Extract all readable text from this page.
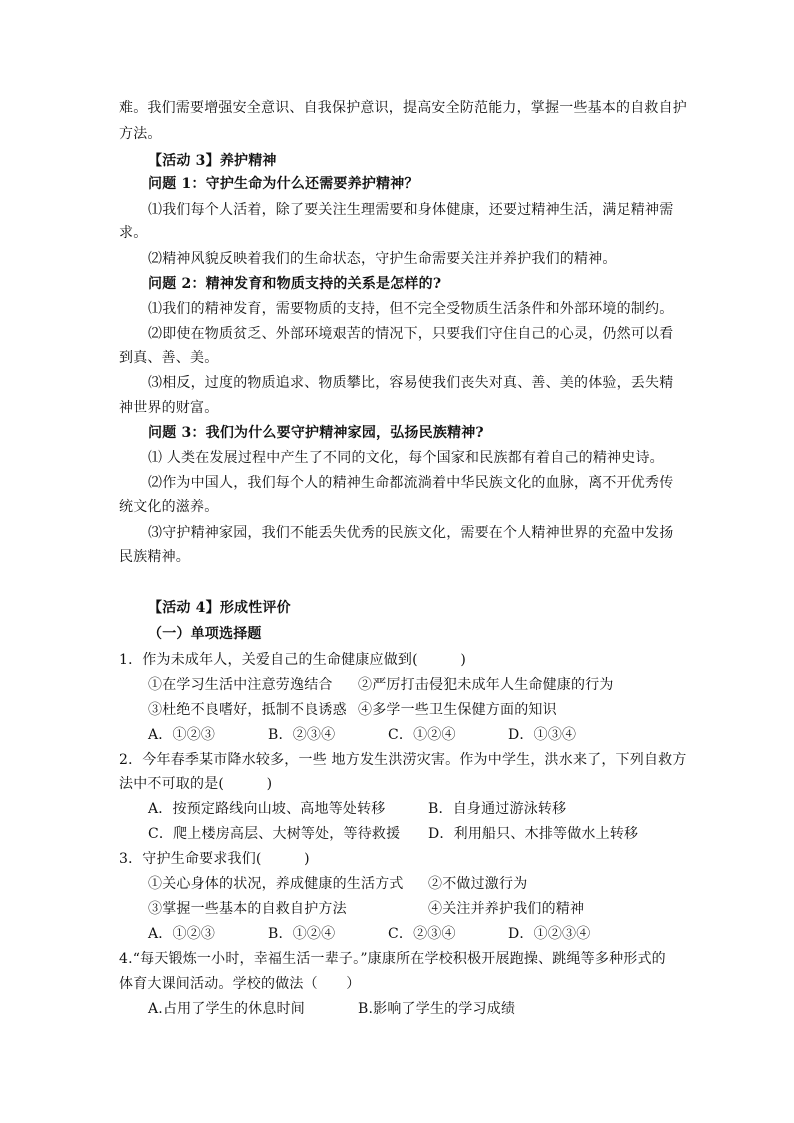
难。我们需要增强安全意识、自我保护意识，提高安全防范能力，掌握一些基本的自救自护
方法。
【活动 3】养护精神
问题 1：守护生命为什么还需要养护精神？
⑴我们每个人活着，除了要关注生理需要和身体健康，还要过精神生活，满足精神需
求。
⑵精神风貌反映着我们的生命状态，守护生命需要关注并养护我们的精神。
问题 2：精神发育和物质支持的关系是怎样的?
⑴我们的精神发育，需要物质的支持，但不完全受物质生活条件和外部环境的制约。
⑵即使在物质贫乏、外部环境艰苦的情况下，只要我们守住自己的心灵，仍然可以看
到真、善、美。
⑶相反，过度的物质追求、物质攀比，容易使我们丧失对真、善、美的体验，丢失精
神世界的财富。
问题 3：我们为什么要守护精神家园，弘扬民族精神?
⑴ 人类在发展过程中产生了不同的文化，每个国家和民族都有着自己的精神史诗。
⑵作为中国人，我们每个人的精神生命都流淌着中华民族文化的血脉，离不开优秀传
统文化的滋养。
⑶守护精神家园，我们不能丢失优秀的民族文化，需要在个人精神世界的充盈中发扬
民族精神。
【活动 4】形成性评价
（一）单项选择题
1．作为未成年人，关爱自己的生命健康应做到(　　　)
①在学习生活中注意劳逸结合 ②严厉打击侵犯未成年人生命健康的行为
③杜绝不良嗜好，抵制不良诱惑 ④多学一些卫生保健方面的知识
A．①②③	B．②③④	C．①②④	D．①③④
2．今年春季某市降水较多，一些 地方发生洪涝灾害。作为中学生，洪水来了，下列自救方
法中不可取的是(　　　)
A．按预定路线向山坡、高地等处转移	B．自身通过游泳转移
C．爬上楼房高层、大树等处，等待救援 D．利用船只、木排等做水上转移
3．守护生命要求我们(　　　)
①关心身体的状况，养成健康的生活方式 ②不做过激行为
③掌握一些基本的自救自护方法	④关注并养护我们的精神
A．①②③	B．①②④	C．②③④	D．①②③④
4.“每天锻炼一小时，幸福生活一辈子。”康康所在学校积极开展跑操、跳绳等多种形式的
体育大课间活动。学校的做法（　　）
A.占用了学生的休息时间	B.影响了学生的学习成绩
